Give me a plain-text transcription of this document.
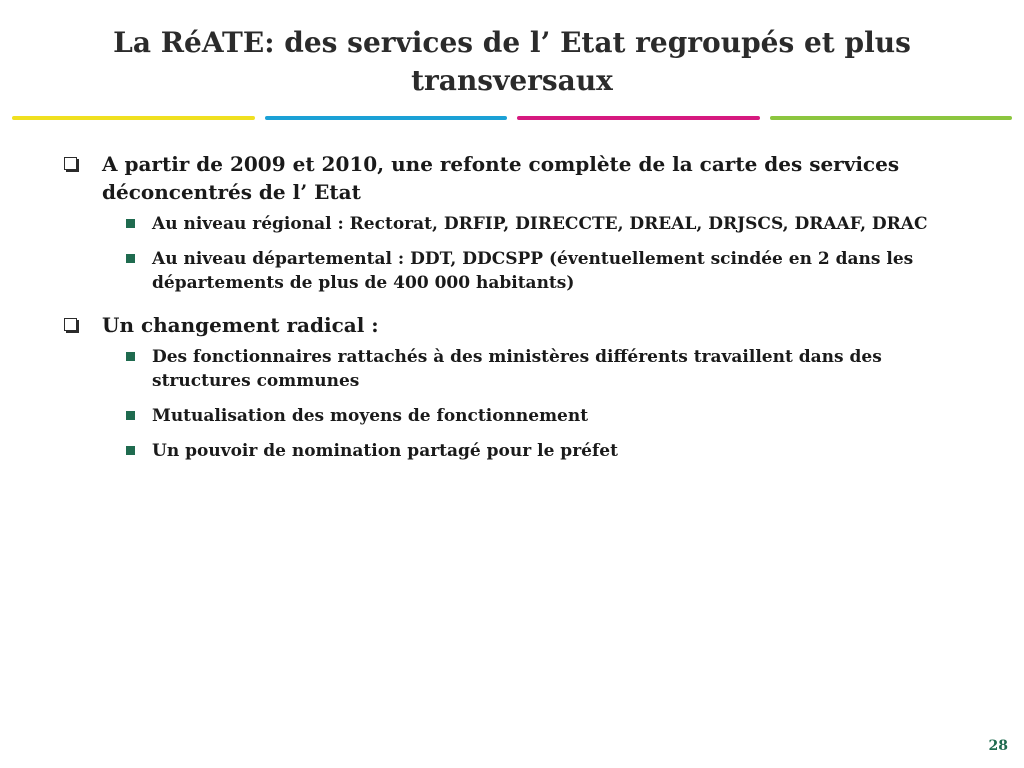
La RéATE: des services de l’ Etat regroupés et plus
transversaux
A partir de 2009 et 2010, une refonte complète de la carte des services déconcentrés de l’ Etat
Au niveau régional : Rectorat, DRFIP, DIRECCTE, DREAL, DRJSCS, DRAAF, DRAC
Au niveau départemental : DDT, DDCSPP (éventuellement scindée en 2 dans les départements de plus de 400 000 habitants)
Un changement radical :
Des fonctionnaires rattachés à des ministères différents travaillent dans des structures communes
Mutualisation des moyens de fonctionnement
Un pouvoir de nomination partagé pour le préfet
28
